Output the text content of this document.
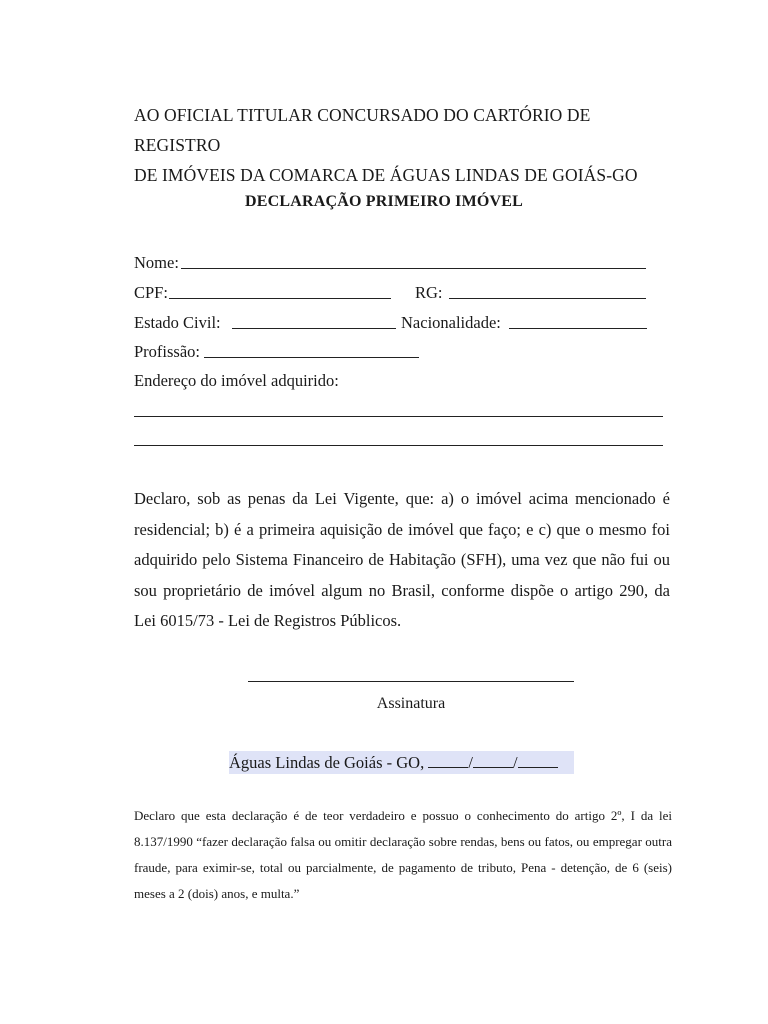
AO OFICIAL TITULAR CONCURSADO DO CARTÓRIO DE REGISTRO
DE IMÓVEIS DA COMARCA DE ÁGUAS LINDAS DE GOIÁS-GO
DECLARAÇÃO PRIMEIRO IMÓVEL
Nome:
CPF:	RG:
Estado Civil:	Nacionalidade:
Profissão:
Endereço do imóvel adquirido:
Declaro, sob as penas da Lei Vigente, que: a) o imóvel acima mencionado é residencial; b) é a primeira aquisição de imóvel que faço; e c) que o mesmo foi adquirido pelo Sistema Financeiro de Habitação (SFH), uma vez que não fui ou sou proprietário de imóvel algum no Brasil, conforme dispõe o artigo 290, da Lei 6015/73 - Lei de Registros Públicos.
Assinatura
Águas Lindas de Goiás - GO, / /
Declaro que esta declaração é de teor verdadeiro e possuo o conhecimento do artigo 2º, I da lei 8.137/1990 “fazer declaração falsa ou omitir declaração sobre rendas, bens ou fatos, ou empregar outra fraude, para eximir-se, total ou parcialmente, de pagamento de tributo, Pena - detenção, de 6 (seis) meses a 2 (dois) anos, e multa.”
